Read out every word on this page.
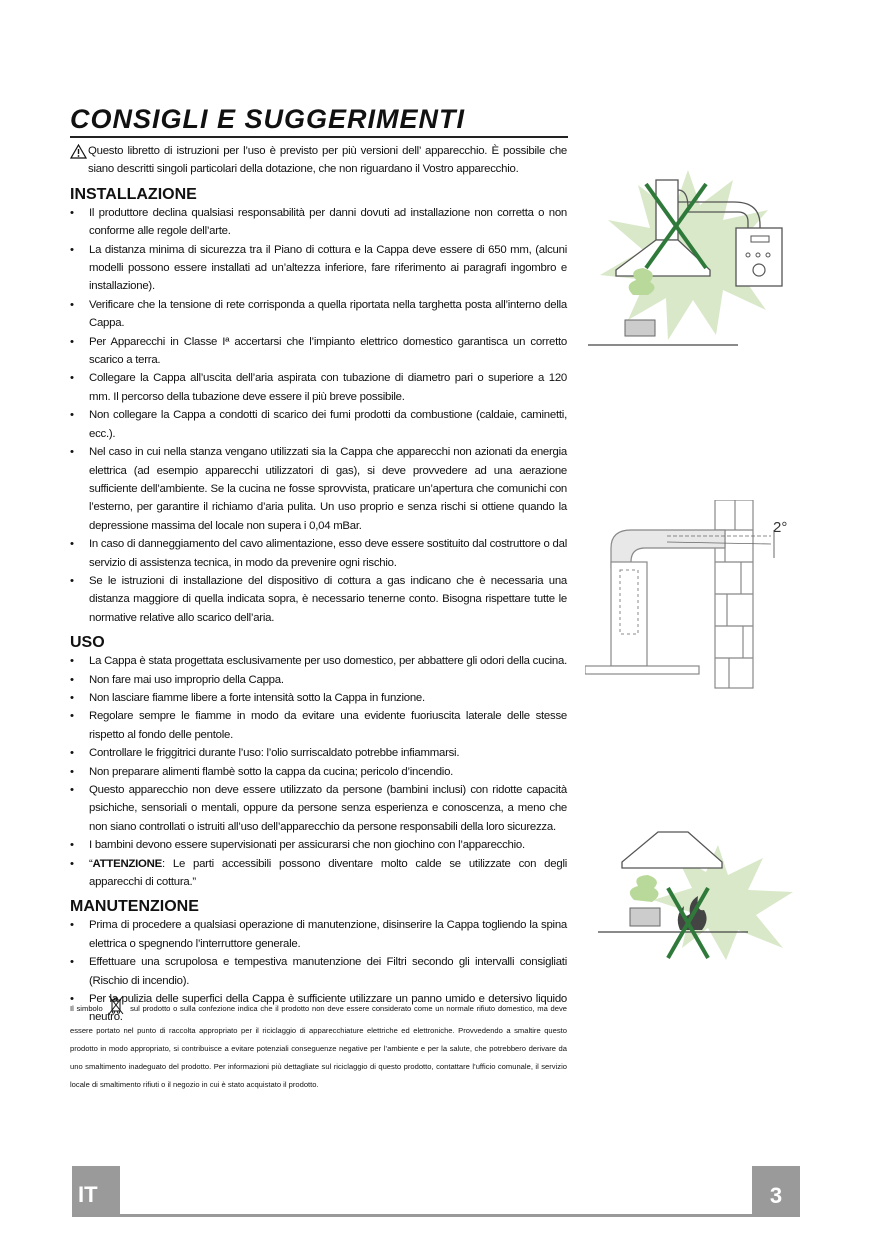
CONSIGLI E SUGGERIMENTI

Questo libretto di istruzioni per l’uso è previsto per più versioni dell’ apparecchio. È possibile che siano descritti singoli particolari della dotazione, che non riguardano il Vostro apparecchio.

INSTALLAZIONE
• Il produttore declina qualsiasi responsabilità per danni dovuti ad installazione non corretta o non conforme alle regole dell’arte.
• La distanza minima di sicurezza tra il Piano di cottura e la Cappa deve essere di 650 mm, (alcuni modelli possono essere installati ad un’altezza inferiore, fare riferimento ai paragrafi ingombro e installazione).
• Verificare che la tensione di rete corrisponda a quella riportata nella targhetta posta all’interno della Cappa.
• Per Apparecchi in Classe Iª accertarsi che l’impianto elettrico domestico garantisca un corretto scarico a terra.
• Collegare la Cappa all’uscita dell’aria aspirata con tubazione di diametro pari o superiore a 120 mm. Il percorso della tubazione deve essere il più breve possibile.
• Non collegare la Cappa a condotti di scarico dei fumi prodotti da combustione (caldaie, caminetti, ecc.).
• Nel caso in cui nella stanza vengano utilizzati sia la Cappa che apparecchi non azionati da energia elettrica (ad esempio apparecchi utilizzatori di gas), si deve provvedere ad una aerazione sufficiente dell’ambiente. Se la cucina ne fosse sprovvista, praticare un’apertura che comunichi con l’esterno, per garantire il richiamo d’aria pulita. Un uso proprio e senza rischi si ottiene quando la depressione massima del locale non supera i 0,04 mBar.
• In caso di danneggiamento del cavo alimentazione, esso deve essere sostituito dal costruttore o dal servizio di assistenza tecnica, in modo da prevenire ogni rischio.
• Se le istruzioni di installazione del dispositivo di cottura a gas indicano che è necessaria una distanza maggiore di quella indicata sopra, è necessario tenerne conto. Bisogna rispettare tutte le normative relative allo scarico dell’aria.
USO
• La Cappa è stata progettata esclusivamente per uso domestico, per abbattere gli odori della cucina.
• Non fare mai uso improprio della Cappa.
• Non lasciare fiamme libere a forte intensità sotto la Cappa in funzione.
• Regolare sempre le fiamme in modo da evitare una evidente fuoriuscita laterale delle stesse rispetto al fondo delle pentole.
• Controllare le friggitrici durante l’uso: l’olio surriscaldato potrebbe infiammarsi.
• Non preparare alimenti flambè sotto la cappa da cucina; pericolo d’incendio.
• Questo apparecchio non deve essere utilizzato da persone (bambini inclusi) con ridotte capacità psichiche, sensoriali o mentali, oppure da persone senza esperienza e conoscenza, a meno che non siano controllati o istruiti all’uso dell’apparecchio da persone responsabili della loro sicurezza.
• I bambini devono essere supervisionati per assicurarsi che non giochino con l’apparecchio.
• “ATTENZIONE: Le parti accessibili possono diventare molto calde se utilizzate con degli apparecchi di cottura.”
MANUTENZIONE
• Prima di procedere a qualsiasi operazione di manutenzione, disinserire la Cappa togliendo la spina elettrica o spegnendo l’interruttore generale.
• Effettuare una scrupolosa e tempestiva manutenzione dei Filtri secondo gli intervalli consigliati (Rischio di incendio).
• Per la pulizia delle superfici della Cappa è sufficiente utilizzare un panno umido e detersivo liquido neutro.

Il simbolo	sul prodotto o sulla confezione indica che il prodotto non deve essere considerato come un normale rifiuto domestico, ma deve essere portato nel punto di raccolta appropriato per il riciclaggio di apparecchiature elettriche ed elettroniche. Provvedendo a smaltire questo prodotto in modo appropriato, si contribuisce a evitare potenziali conseguenze negative per l’ambiente e per la salute, che potrebbero derivare da uno smaltimento inadeguato del prodotto. Per informazioni più dettagliate sul riciclaggio di questo prodotto, contattare l’ufficio comunale, il servizio locale di smaltimento rifiuti o il negozio in cui è stato acquistato il prodotto.

2°
IT	3
